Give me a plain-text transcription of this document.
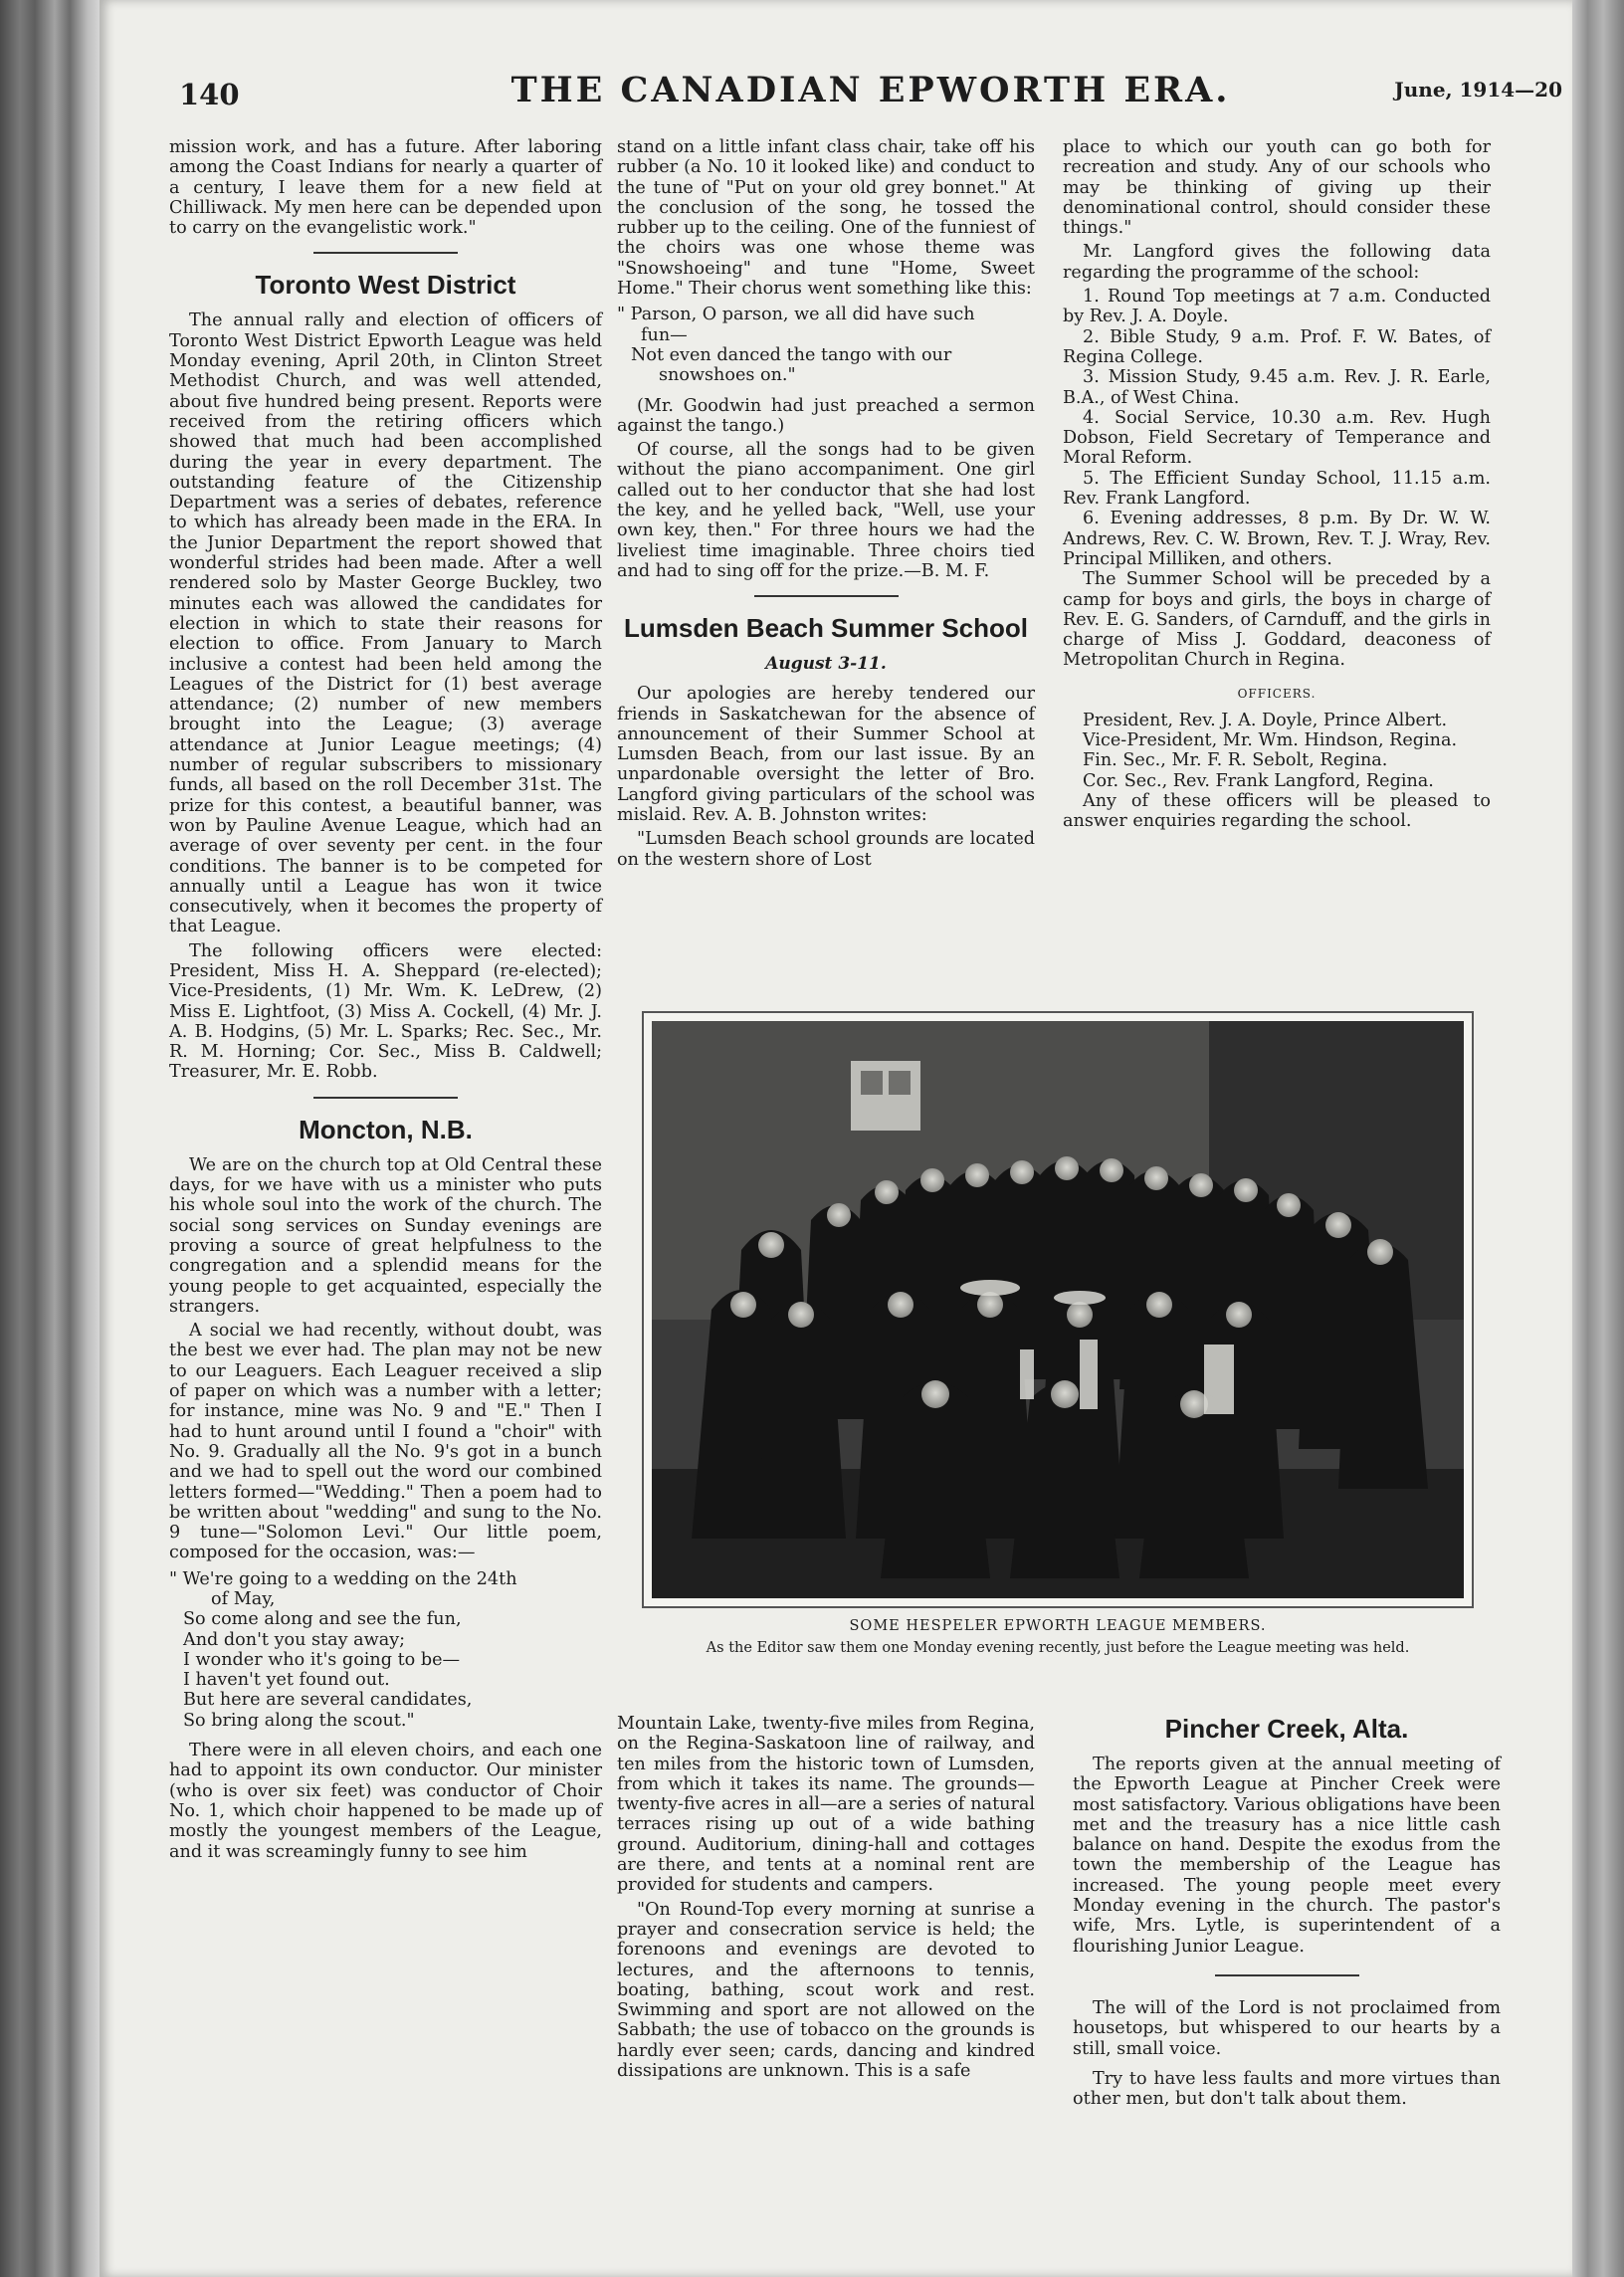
140	THE CANADIAN EPWORTH ERA.	June, 1914—20

mission work, and has a future. After laboring among the Coast Indians for nearly a quarter of a century, I leave them for a new field at Chilliwack. My men here can be depended upon to carry on the evangelistic work."

Toronto West District

The annual rally and election of officers of Toronto West District Epworth League was held Monday evening, April 20th, in Clinton Street Methodist Church, and was well attended, about five hundred being present. Reports were received from the retiring officers which showed that much had been accomplished during the year in every department. The outstanding feature of the Citizenship Department was a series of debates, reference to which has already been made in the ERA. In the Junior Department the report showed that wonderful strides had been made. After a well rendered solo by Master George Buckley, two minutes each was allowed the candidates for election in which to state their reasons for election to office. From January to March inclusive a contest had been held among the Leagues of the District for (1) best average attendance; (2) number of new members brought into the League; (3) average attendance at Junior League meetings; (4) number of regular subscribers to missionary funds, all based on the roll December 31st. The prize for this contest, a beautiful banner, was won by Pauline Avenue League, which had an average of over seventy per cent. in the four conditions. The banner is to be competed for annually until a League has won it twice consecutively, when it becomes the property of that League.

The following officers were elected: President, Miss H. A. Sheppard (re-elected); Vice-Presidents, (1) Mr. Wm. K. LeDrew, (2) Miss E. Lightfoot, (3) Miss A. Cockell, (4) Mr. J. A. B. Hodgins, (5) Mr. L. Sparks; Rec. Sec., Mr. R. M. Horning; Cor. Sec., Miss B. Caldwell; Treasurer, Mr. E. Robb.

Moncton, N.B.

We are on the church top at Old Central these days, for we have with us a minister who puts his whole soul into the work of the church. The social song services on Sunday evenings are proving a source of great helpfulness to the congregation and a splendid means for the young people to get acquainted, especially the strangers.

A social we had recently, without doubt, was the best we ever had. The plan may not be new to our Leaguers. Each Leaguer received a slip of paper on which was a number with a letter; for instance, mine was No. 9 and "E." Then I had to hunt around until I found a "choir" with No. 9. Gradually all the No. 9's got in a bunch and we had to spell out the word our combined letters formed—"Wedding." Then a poem had to be written about "wedding" and sung to the No. 9 tune—"Solomon Levi." Our little poem, composed for the occasion, was:—

" We're going to a wedding on the 24th
of May,
So come along and see the fun,
And don't you stay away;
I wonder who it's going to be—
I haven't yet found out.
But here are several candidates,
So bring along the scout."

There were in all eleven choirs, and each one had to appoint its own conductor. Our minister (who is over six feet) was conductor of Choir No. 1, which choir happened to be made up of mostly the youngest members of the League, and it was screamingly funny to see him

stand on a little infant class chair, take off his rubber (a No. 10 it looked like) and conduct to the tune of "Put on your old grey bonnet." At the conclusion of the song, he tossed the rubber up to the ceiling. One of the funniest of the choirs was one whose theme was "Snowshoeing" and tune "Home, Sweet Home." Their chorus went something like this:

" Parson, O parson, we all did have such
fun—
Not even danced the tango with our
snowshoes on."

(Mr. Goodwin had just preached a sermon against the tango.)

Of course, all the songs had to be given without the piano accompaniment. One girl called out to her conductor that she had lost the key, and he yelled back, "Well, use your own key, then." For three hours we had the liveliest time imaginable. Three choirs tied and had to sing off for the prize.—B. M. F.

Lumsden Beach Summer School
August 3-11.

Our apologies are hereby tendered our friends in Saskatchewan for the absence of announcement of their Summer School at Lumsden Beach, from our last issue. By an unpardonable oversight the letter of Bro. Langford giving particulars of the school was mislaid. Rev. A. B. Johnston writes:

"Lumsden Beach school grounds are located on the western shore of Lost

place to which our youth can go both for recreation and study. Any of our schools who may be thinking of giving up their denominational control, should consider these things."

Mr. Langford gives the following data regarding the programme of the school:

1. Round Top meetings at 7 a.m. Conducted by Rev. J. A. Doyle.
2. Bible Study, 9 a.m. Prof. F. W. Bates, of Regina College.
3. Mission Study, 9.45 a.m. Rev. J. R. Earle, B.A., of West China.
4. Social Service, 10.30 a.m. Rev. Hugh Dobson, Field Secretary of Temperance and Moral Reform.
5. The Efficient Sunday School, 11.15 a.m. Rev. Frank Langford.
6. Evening addresses, 8 p.m. By Dr. W. W. Andrews, Rev. C. W. Brown, Rev. T. J. Wray, Rev. Principal Milliken, and others.

The Summer School will be preceded by a camp for boys and girls, the boys in charge of Rev. E. G. Sanders, of Carnduff, and the girls in charge of Miss J. Goddard, deaconess of Metropolitan Church in Regina.

OFFICERS.
President, Rev. J. A. Doyle, Prince Albert.
Vice-President, Mr. Wm. Hindson, Regina.
Fin. Sec., Mr. F. R. Sebolt, Regina.
Cor. Sec., Rev. Frank Langford, Regina.

Any of these officers will be pleased to answer enquiries regarding the school.

SOME HESPELER EPWORTH LEAGUE MEMBERS.
As the Editor saw them one Monday evening recently, just before the League meeting was held.

Mountain Lake, twenty-five miles from Regina, on the Regina-Saskatoon line of railway, and ten miles from the historic town of Lumsden, from which it takes its name. The grounds—twenty-five acres in all—are a series of natural terraces rising up out of a wide bathing ground. Auditorium, dining-hall and cottages are there, and tents at a nominal rent are provided for students and campers.

"On Round-Top every morning at sunrise a prayer and consecration service is held; the forenoons and evenings are devoted to lectures, and the afternoons to tennis, boating, bathing, scout work and rest. Swimming and sport are not allowed on the Sabbath; the use of tobacco on the grounds is hardly ever seen; cards, dancing and kindred dissipations are unknown. This is a safe

Pincher Creek, Alta.

The reports given at the annual meeting of the Epworth League at Pincher Creek were most satisfactory. Various obligations have been met and the treasury has a nice little cash balance on hand. Despite the exodus from the town the membership of the League has increased. The young people meet every Monday evening in the church. The pastor's wife, Mrs. Lytle, is superintendent of a flourishing Junior League.

The will of the Lord is not proclaimed from housetops, but whispered to our hearts by a still, small voice.

Try to have less faults and more virtues than other men, but don't talk about them.
